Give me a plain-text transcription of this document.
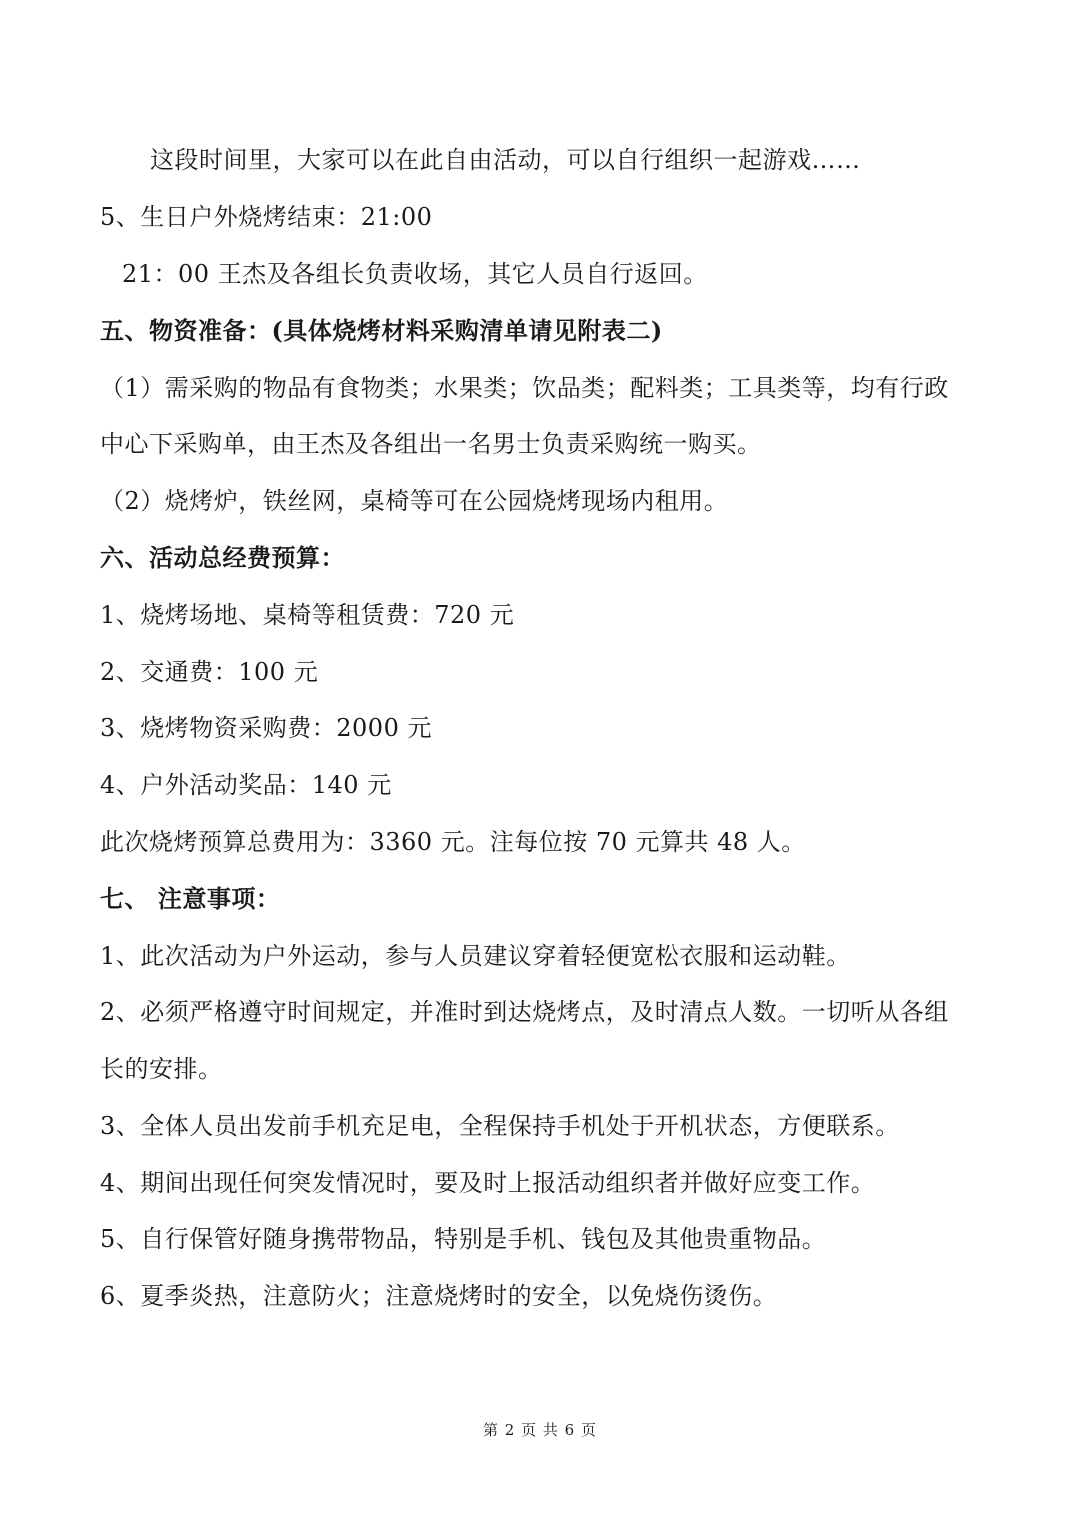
这段时间里，大家可以在此自由活动，可以自行组织一起游戏……
5、生日户外烧烤结束：21:00
21：00 王杰及各组长负责收场，其它人员自行返回。
五、物资准备：(具体烧烤材料采购清单请见附表二)
（1）需采购的物品有食物类；水果类；饮品类；配料类；工具类等，均有行政
中心下采购单，由王杰及各组出一名男士负责采购统一购买。
（2）烧烤炉，铁丝网，桌椅等可在公园烧烤现场内租用。
六、活动总经费预算：
1、烧烤场地、桌椅等租赁费：720 元
2、交通费：100 元
3、烧烤物资采购费：2000 元
4、户外活动奖品：140 元
此次烧烤预算总费用为：3360 元。注每位按 70 元算共 48 人。
七、 注意事项：
1、此次活动为户外运动，参与人员建议穿着轻便宽松衣服和运动鞋。
2、必须严格遵守时间规定，并准时到达烧烤点，及时清点人数。一切听从各组
长的安排。
3、全体人员出发前手机充足电，全程保持手机处于开机状态，方便联系。
4、期间出现任何突发情况时，要及时上报活动组织者并做好应变工作。
5、自行保管好随身携带物品，特别是手机、钱包及其他贵重物品。
6、夏季炎热，注意防火；注意烧烤时的安全，以免烧伤烫伤。
第 2 页 共 6 页
